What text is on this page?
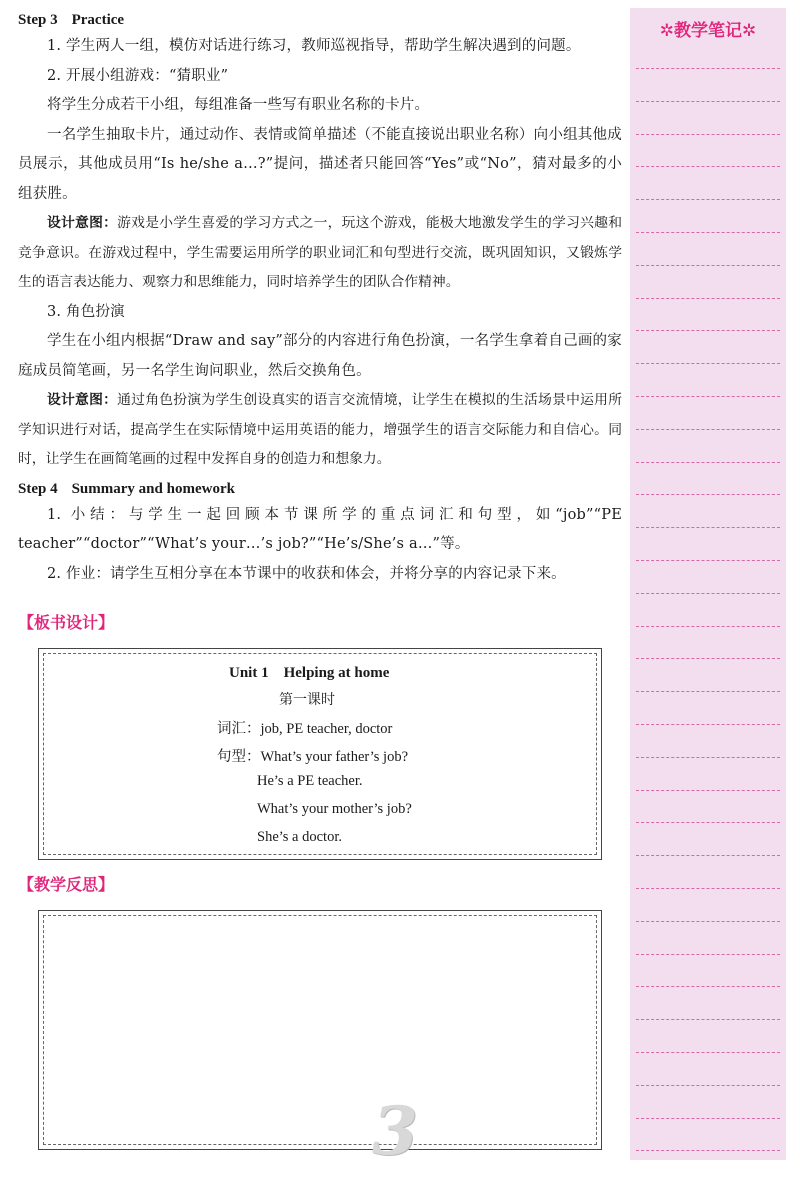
Step 3 Practice

1. 学生两人一组，模仿对话进行练习，教师巡视指导，帮助学生解决遇到的问题。

2. 开展小组游戏：“猜职业”

将学生分成若干小组，每组准备一些写有职业名称的卡片。

一名学生抽取卡片，通过动作、表情或简单描述（不能直接说出职业名称）向小组其他成员展示，其他成员用“Is he/she a…?”提问，描述者只能回答“Yes”或“No”，猜对最多的小组获胜。

设计意图：游戏是小学生喜爱的学习方式之一，玩这个游戏，能极大地激发学生的学习兴趣和竞争意识。在游戏过程中，学生需要运用所学的职业词汇和句型进行交流，既巩固知识，又锻炼学生的语言表达能力、观察力和思维能力，同时培养学生的团队合作精神。

3. 角色扮演

学生在小组内根据“Draw and say”部分的内容进行角色扮演，一名学生拿着自己画的家庭成员简笔画，另一名学生询问职业，然后交换角色。

设计意图：通过角色扮演为学生创设真实的语言交流情境，让学生在模拟的生活场景中运用所学知识进行对话，提高学生在实际情境中运用英语的能力，增强学生的语言交际能力和自信心。同时，让学生在画简笔画的过程中发挥自身的创造力和想象力。

Step 4 Summary and homework

1. 小结：与学生一起回顾本节课所学的重点词汇和句型，如“job”“PE teacher”“doctor”“What’s your…’s job?”“He’s/She’s a…”等。

2. 作业：请学生互相分享在本节课中的收获和体会，并将分享的内容记录下来。

【板书设计】
Unit 1　Helping at home
第一课时
词汇：job, PE teacher, doctor
句型：What’s your father’s job?
He’s a PE teacher.
What’s your mother’s job?
She’s a doctor.
【教学反思】
3
✲教学笔记✲
